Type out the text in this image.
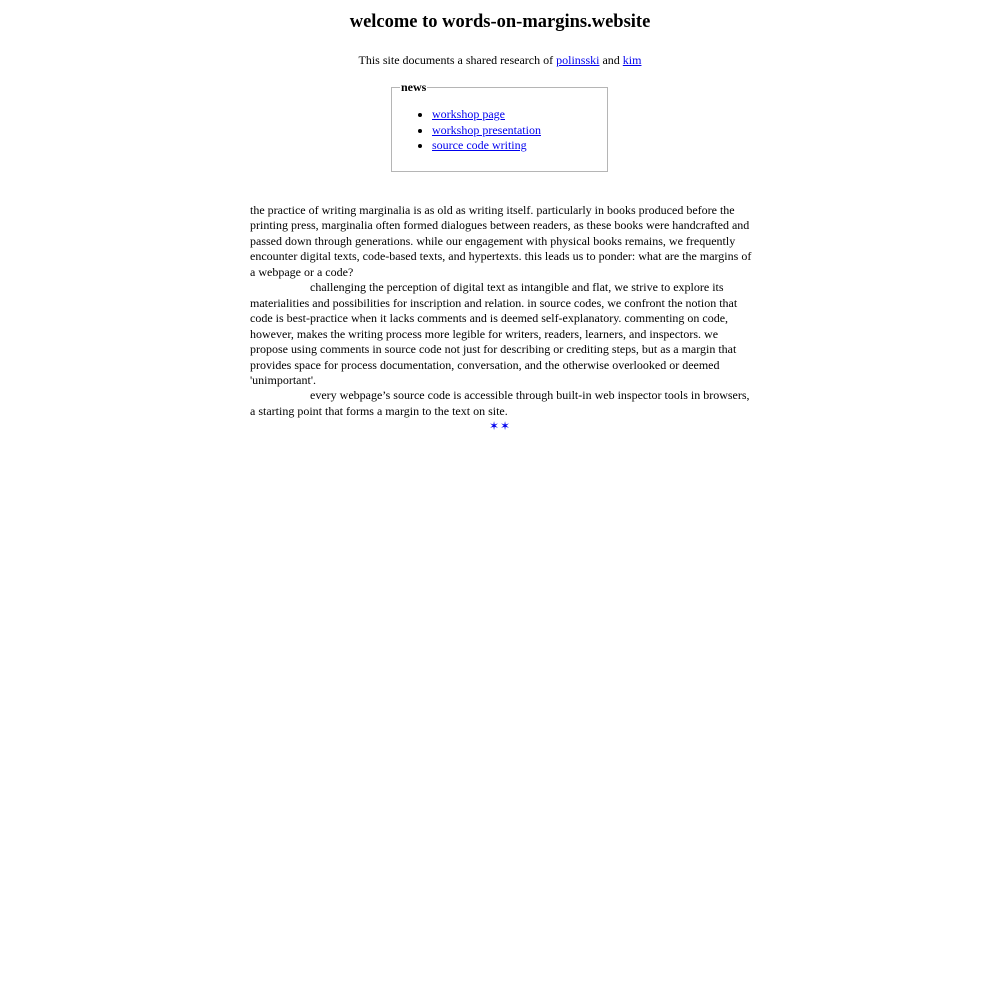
welcome to words-on-margins.website

This site documents a shared research of polinsski and kim

news
• workshop page
• workshop presentation
• source code writing

the practice of writing marginalia is as old as writing itself. particularly in books produced before the printing press, marginalia often formed dialogues between readers, as these books were handcrafted and passed down through generations. while our engagement with physical books remains, we frequently encounter digital texts, code-based texts, and hypertexts. this leads us to ponder: what are the margins of a webpage or a code?

challenging the perception of digital text as intangible and flat, we strive to explore its materialities and possibilities for inscription and relation. in source codes, we confront the notion that code is best-practice when it lacks comments and is deemed self-explanatory. commenting on code, however, makes the writing process more legible for writers, readers, learners, and inspectors. we propose using comments in source code not just for describing or crediting steps, but as a margin that provides space for process documentation, conversation, and the otherwise overlooked or deemed 'unimportant'.

every webpage’s source code is accessible through built-in web inspector tools in browsers, a starting point that forms a margin to the text on site.

✶✶
